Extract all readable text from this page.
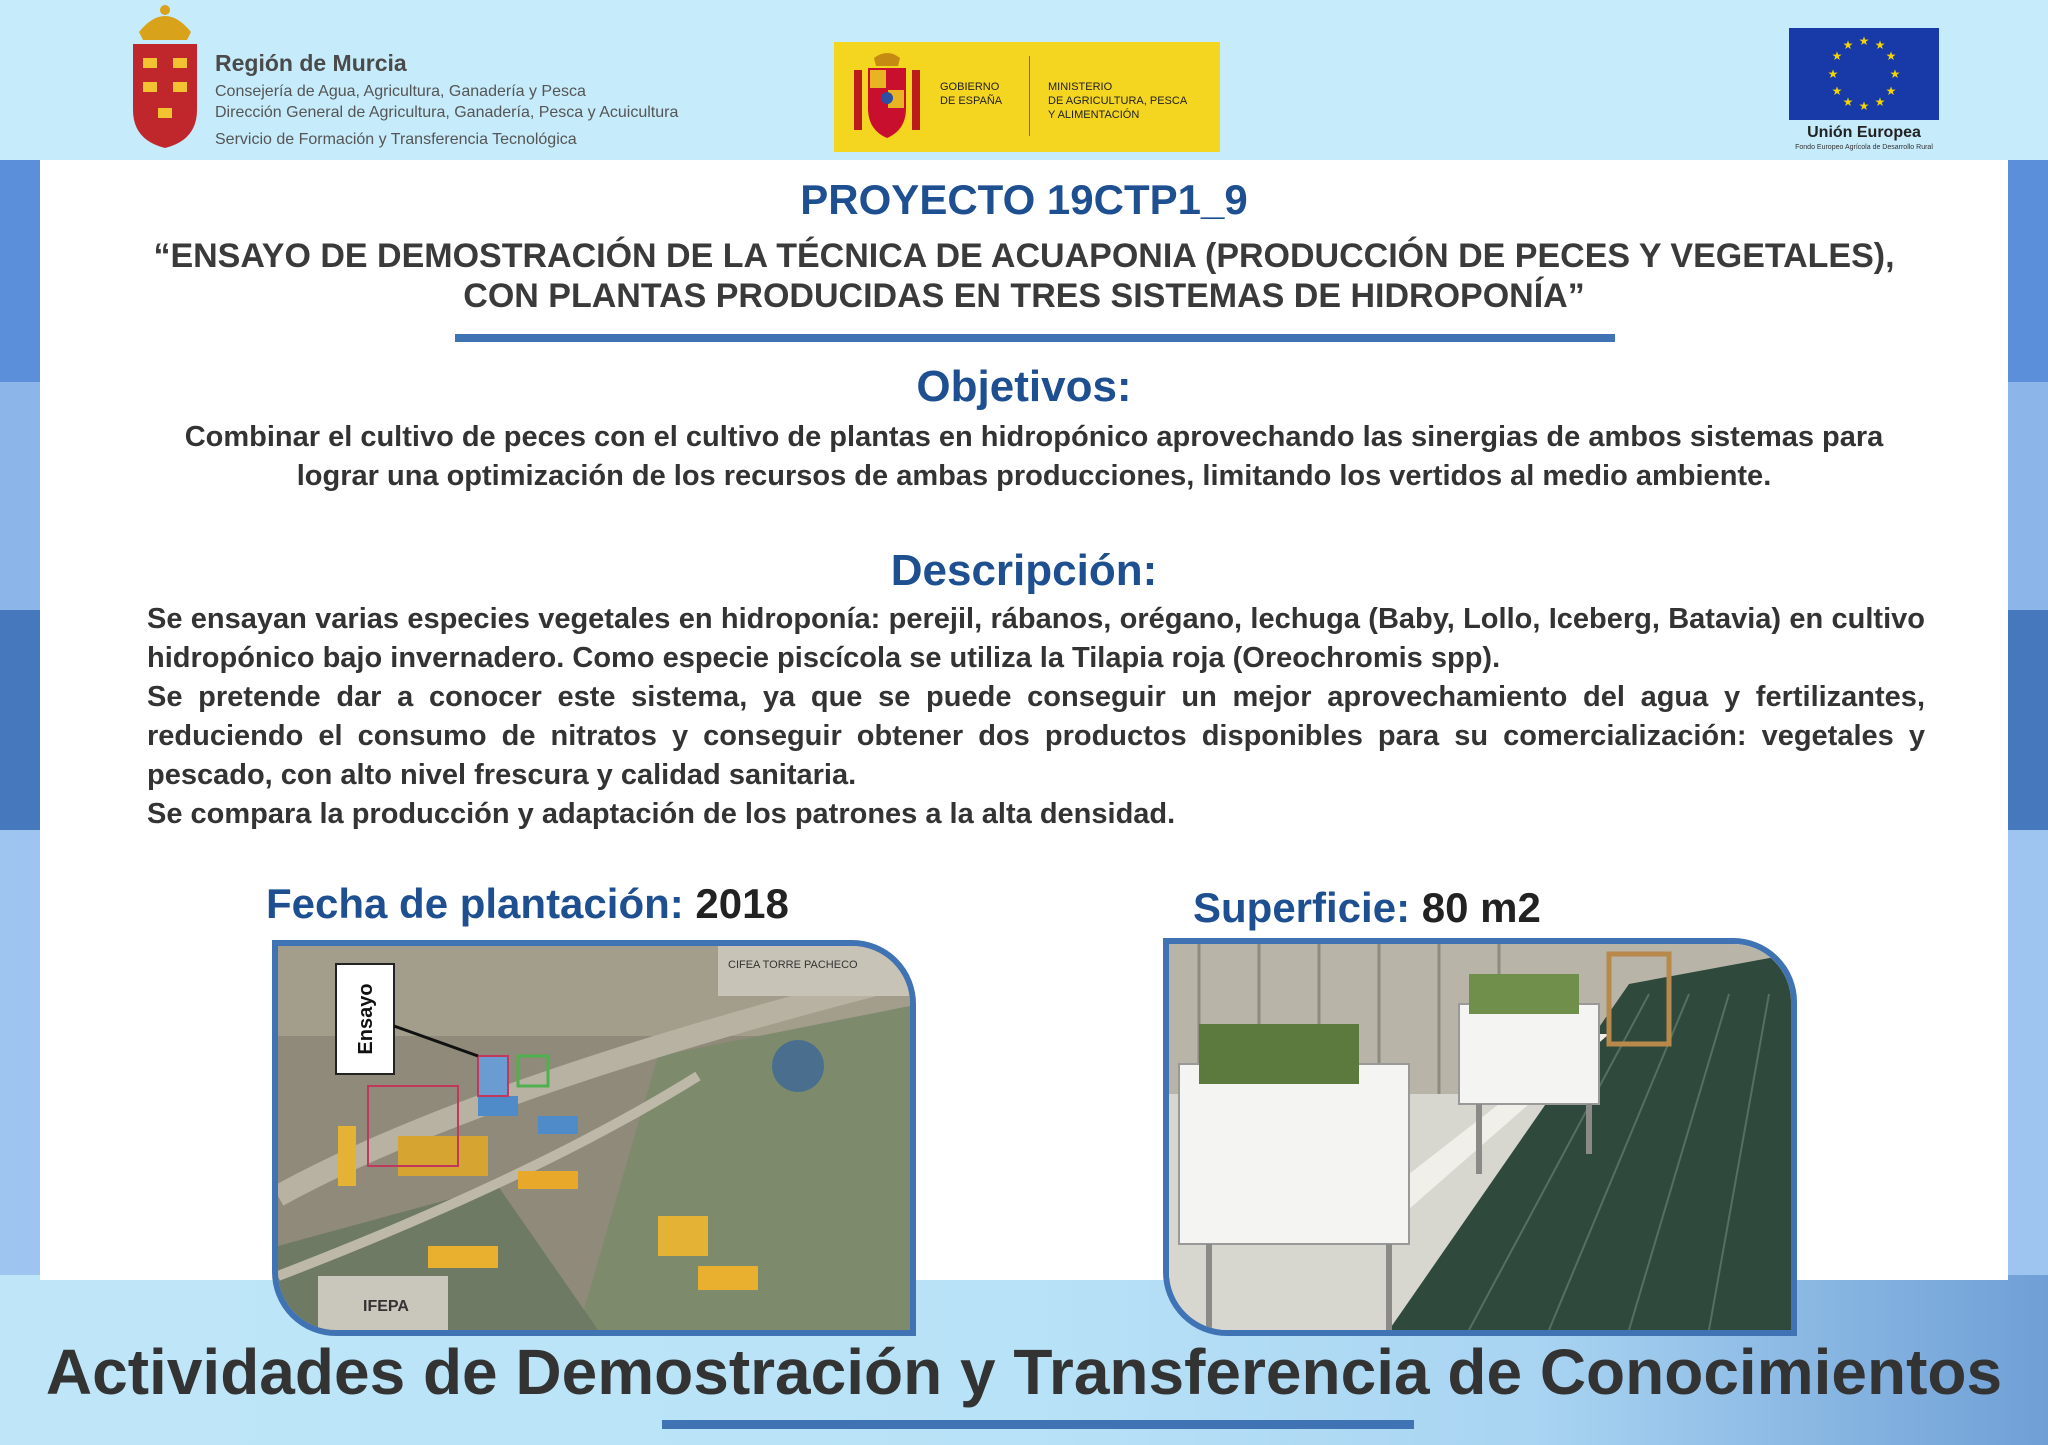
Región de Murcia
Consejería de Agua, Agricultura, Ganadería y Pesca
Dirección General de Agricultura, Ganadería, Pesca y Acuicultura
Servicio de Formación y Transferencia Tecnológica
GOBIERNO
DE ESPAÑA
MINISTERIO
DE AGRICULTURA, PESCA
Y ALIMENTACIÓN
★ ★
★
★
★
★
★
★
★
★
★
★
Unión Europea
Fondo Europeo Agrícola de Desarrollo Rural
PROYECTO 19CTP1_9
“ENSAYO DE DEMOSTRACIÓN DE LA TÉCNICA DE ACUAPONIA (PRODUCCIÓN DE PECES Y VEGETALES),
CON PLANTAS PRODUCIDAS EN TRES SISTEMAS DE HIDROPONÍA”
Objetivos:
Combinar el cultivo de peces con el cultivo de plantas en hidropónico aprovechando las sinergias de ambos sistemas para lograr una optimización de los recursos de ambas producciones, limitando los vertidos al medio ambiente.
Descripción:

Se ensayan varias especies vegetales en hidroponía: perejil, rábanos, orégano, lechuga (Baby, Lollo, Iceberg, Batavia) en cultivo hidropónico bajo invernadero. Como especie piscícola se utiliza la Tilapia roja (Oreochromis spp).

Se pretende dar a conocer este sistema, ya que se puede conseguir un mejor aprovechamiento del agua y fertilizantes, reduciendo el consumo de nitratos y conseguir obtener dos productos disponibles para su comercialización: vegetales y pescado, con alto nivel frescura y calidad sanitaria.

Se compara la producción y adaptación de los patrones a la alta densidad.

Fecha de plantación: 2018	Superficie: 80 m2
Ensayo
IFEPA
CIFEA TORRE PACHECO
Actividades de Demostración y Transferencia de Conocimientos
